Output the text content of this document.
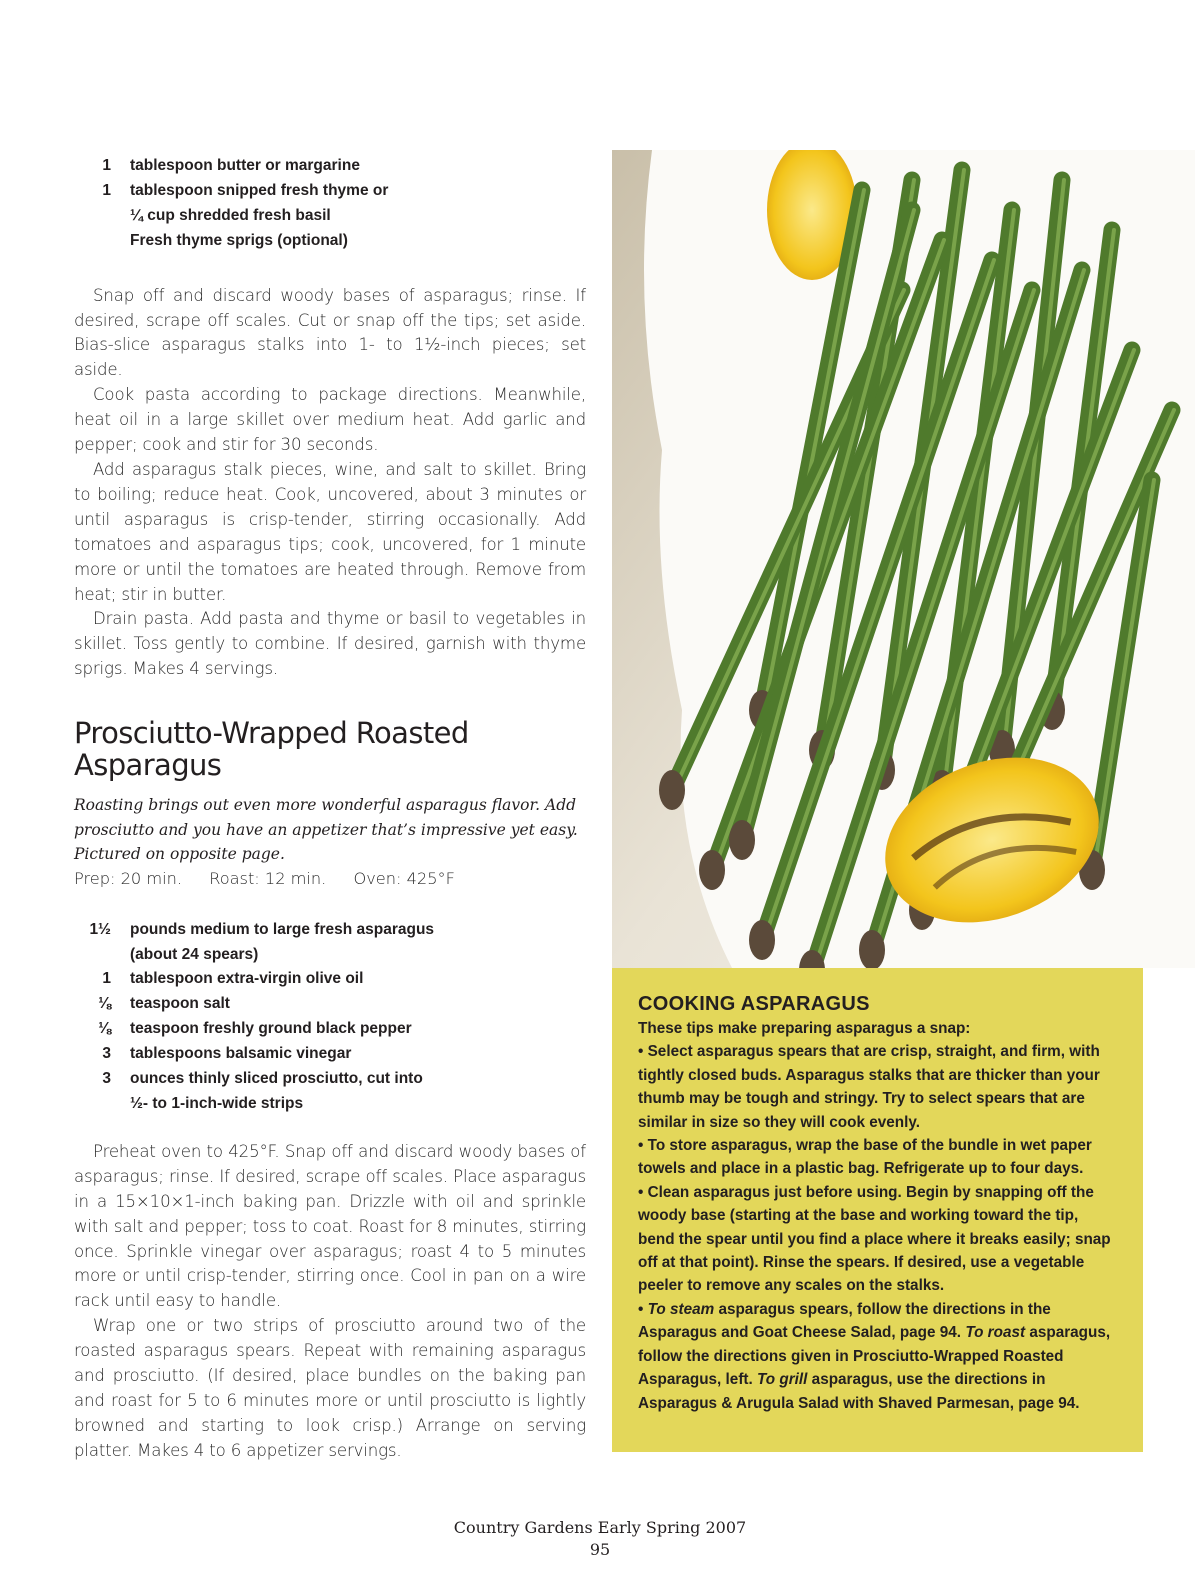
1	tablespoon butter or margarine
1	tablespoon snipped fresh thyme or
¼ cup shredded fresh basil
Fresh thyme sprigs (optional)

Snap off and discard woody bases of asparagus; rinse. If desired, scrape off scales. Cut or snap off the tips; set aside. Bias-slice asparagus stalks into 1- to 1½-inch pieces; set aside.

Cook pasta according to package directions. Meanwhile, heat oil in a large skillet over medium heat. Add garlic and pepper; cook and stir for 30 seconds.

Add asparagus stalk pieces, wine, and salt to skillet. Bring to boiling; reduce heat. Cook, uncovered, about 3 minutes or until asparagus is crisp-tender, stirring occasionally. Add tomatoes and asparagus tips; cook, uncovered, for 1 minute more or until the tomatoes are heated through. Remove from heat; stir in butter.

Drain pasta. Add pasta and thyme or basil to vegetables in skillet. Toss gently to combine. If desired, garnish with thyme sprigs. Makes 4 servings.

Prosciutto-Wrapped Roasted Asparagus

Roasting brings out even more wonderful asparagus flavor. Add prosciutto and you have an appetizer that’s impressive yet easy. Pictured on opposite page.

Prep: 20 min. Roast: 12 min. Oven: 425°F

1½	pounds medium to large fresh asparagus
(about 24 spears)
1	tablespoon extra-virgin olive oil
⅛	teaspoon salt
⅛	teaspoon freshly ground black pepper
3	tablespoons balsamic vinegar
3	ounces thinly sliced prosciutto, cut into
½- to 1-inch-wide strips

Preheat oven to 425°F. Snap off and discard woody bases of asparagus; rinse. If desired, scrape off scales. Place asparagus in a 15×10×1-inch baking pan. Drizzle with oil and sprinkle with salt and pepper; toss to coat. Roast for 8 minutes, stirring once. Sprinkle vinegar over asparagus; roast 4 to 5 minutes more or until crisp-tender, stirring once. Cool in pan on a wire rack until easy to handle.

Wrap one or two strips of prosciutto around two of the roasted asparagus spears. Repeat with remaining asparagus and prosciutto. (If desired, place bundles on the baking pan and roast for 5 to 6 minutes more or until prosciutto is lightly browned and starting to look crisp.) Arrange on serving platter. Makes 4 to 6 appetizer servings.

COOKING ASPARAGUS

These tips make preparing asparagus a snap:

• Select asparagus spears that are crisp, straight, and firm, with tightly closed buds. Asparagus stalks that are thicker than your thumb may be tough and stringy. Try to select spears that are similar in size so they will cook evenly.

• To store asparagus, wrap the base of the bundle in wet paper towels and place in a plastic bag. Refrigerate up to four days.

• Clean asparagus just before using. Begin by snapping off the woody base (starting at the base and working toward the tip, bend the spear until you find a place where it breaks easily; snap off at that point). Rinse the spears. If desired, use a vegetable peeler to remove any scales on the stalks.

• To steam asparagus spears, follow the directions in the Asparagus and Goat Cheese Salad, page 94. To roast asparagus, follow the directions given in Prosciutto-Wrapped Roasted Asparagus, left. To grill asparagus, use the directions in Asparagus & Arugula Salad with Shaved Parmesan, page 94.

Country Gardens Early Spring 2007
95
